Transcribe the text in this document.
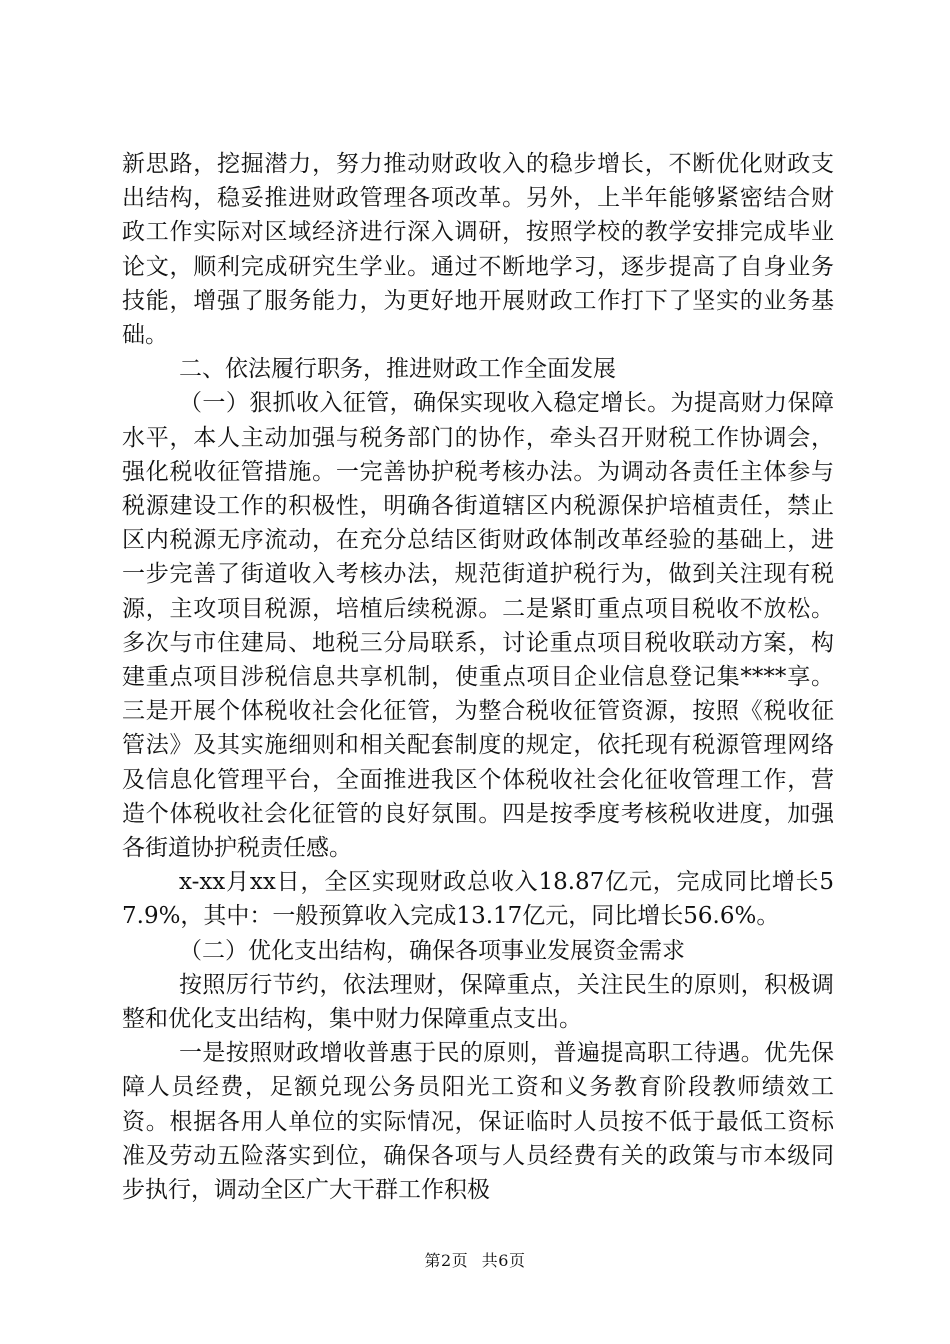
新思路，挖掘潜力，努力推动财政收入的稳步增长，不断优化财政支出结构，稳妥推进财政管理各项改革。另外，上半年能够紧密结合财政工作实际对区域经济进行深入调研，按照学校的教学安排完成毕业论文，顺利完成研究生学业。通过不断地学习，逐步提高了自身业务技能，增强了服务能力，为更好地开展财政工作打下了坚实的业务基础。

二、依法履行职务，推进财政工作全面发展

（一）狠抓收入征管，确保实现收入稳定增长。为提高财力保障水平，本人主动加强与税务部门的协作，牵头召开财税工作协调会，强化税收征管措施。一完善协护税考核办法。为调动各责任主体参与税源建设工作的积极性，明确各街道辖区内税源保护培植责任，禁止区内税源无序流动，在充分总结区街财政体制改革经验的基础上，进一步完善了街道收入考核办法，规范街道护税行为，做到关注现有税源，主攻项目税源，培植后续税源。二是紧盯重点项目税收不放松。多次与市住建局、地税三分局联系，讨论重点项目税收联动方案，构建重点项目涉税信息共享机制，使重点项目企业信息登记集****享。三是开展个体税收社会化征管，为整合税收征管资源，按照《税收征管法》及其实施细则和相关配套制度的规定，依托现有税源管理网络及信息化管理平台，全面推进我区个体税收社会化征收管理工作，营造个体税收社会化征管的良好氛围。四是按季度考核税收进度，加强各街道协护税责任感。

x-xx月xx日，全区实现财政总收入18.87亿元，完成同比增长57.9%，其中：一般预算收入完成13.17亿元，同比增长56.6%。

（二）优化支出结构，确保各项事业发展资金需求

按照厉行节约，依法理财，保障重点，关注民生的原则，积极调整和优化支出结构，集中财力保障重点支出。

一是按照财政增收普惠于民的原则，普遍提高职工待遇。优先保障人员经费，足额兑现公务员阳光工资和义务教育阶段教师绩效工资。根据各用人单位的实际情况，保证临时人员按不低于最低工资标准及劳动五险落实到位，确保各项与人员经费有关的政策与市本级同步执行，调动全区广大干群工作积极

第2页 共6页
